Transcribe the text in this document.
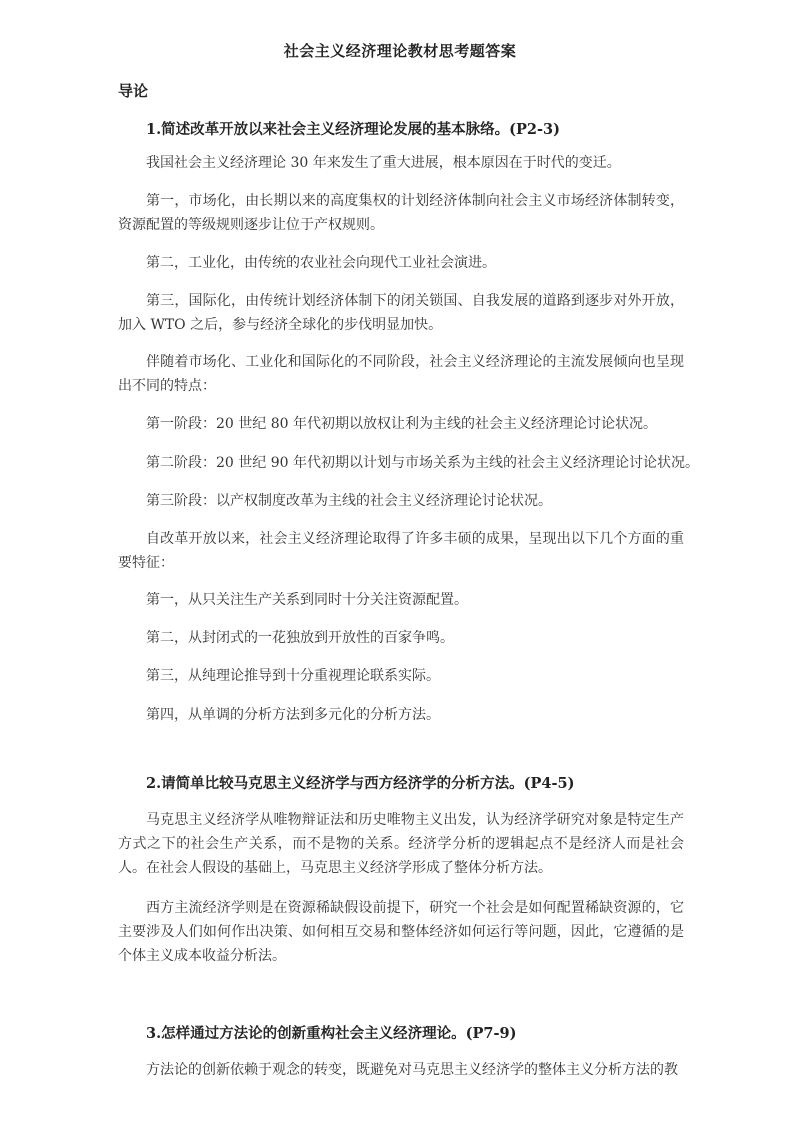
社会主义经济理论教材思考题答案
导论
1.简述改革开放以来社会主义经济理论发展的基本脉络。(P2-3)
我国社会主义经济理论 30 年来发生了重大进展，根本原因在于时代的变迁。
第一，市场化，由长期以来的高度集权的计划经济体制向社会主义市场经济体制转变，资源配置的等级规则逐步让位于产权规则。
第二，工业化，由传统的农业社会向现代工业社会演进。
第三，国际化，由传统计划经济体制下的闭关锁国、自我发展的道路到逐步对外开放，加入 WTO 之后，参与经济全球化的步伐明显加快。
伴随着市场化、工业化和国际化的不同阶段，社会主义经济理论的主流发展倾向也呈现出不同的特点：
第一阶段：20 世纪 80 年代初期以放权让利为主线的社会主义经济理论讨论状况。
第二阶段：20 世纪 90 年代初期以计划与市场关系为主线的社会主义经济理论讨论状况。
第三阶段：以产权制度改革为主线的社会主义经济理论讨论状况。
自改革开放以来，社会主义经济理论取得了许多丰硕的成果，呈现出以下几个方面的重要特征：
第一，从只关注生产关系到同时十分关注资源配置。
第二，从封闭式的一花独放到开放性的百家争鸣。
第三，从纯理论推导到十分重视理论联系实际。
第四，从单调的分析方法到多元化的分析方法。
2.请简单比较马克思主义经济学与西方经济学的分析方法。(P4-5)
马克思主义经济学从唯物辩证法和历史唯物主义出发，认为经济学研究对象是特定生产方式之下的社会生产关系，而不是物的关系。经济学分析的逻辑起点不是经济人而是社会人。在社会人假设的基础上，马克思主义经济学形成了整体分析方法。
西方主流经济学则是在资源稀缺假设前提下，研究一个社会是如何配置稀缺资源的，它主要涉及人们如何作出决策、如何相互交易和整体经济如何运行等问题，因此，它遵循的是个体主义成本收益分析法。
3.怎样通过方法论的创新重构社会主义经济理论。(P7-9)
方法论的创新依赖于观念的转变，既避免对马克思主义经济学的整体主义分析方法的教
